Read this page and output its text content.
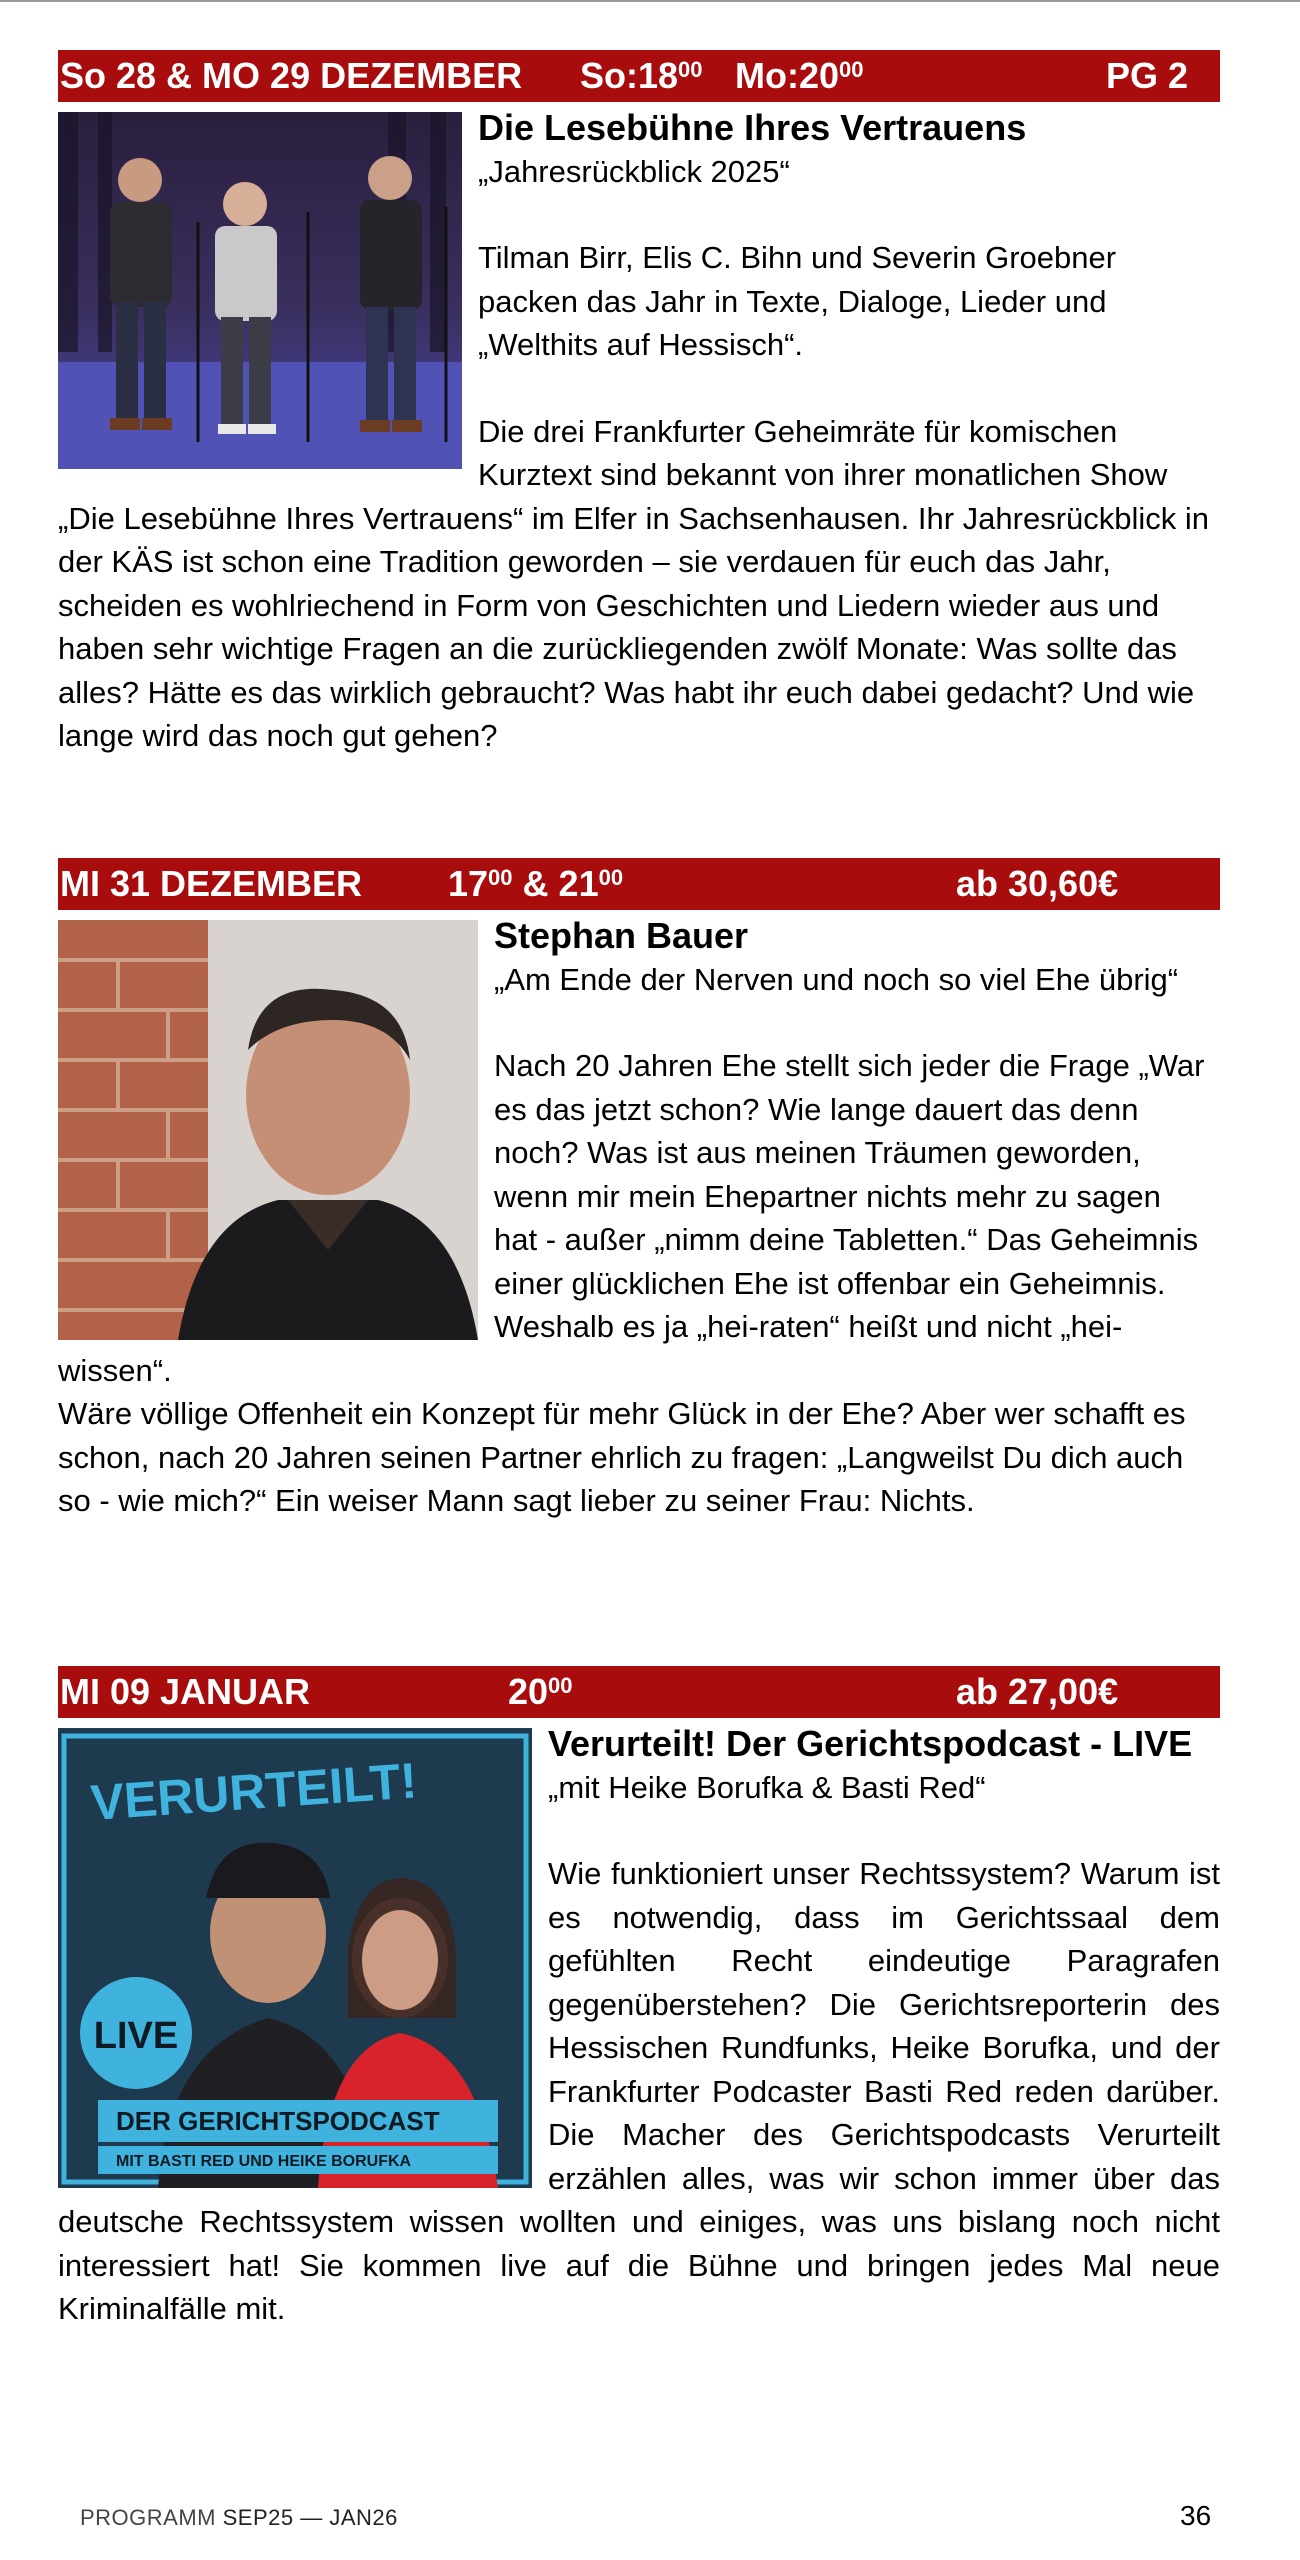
So 28 & MO 29 DEZEMBER $So:18^{00}$ $Mo:20^{00}$	PG 2
Die Lesebühne Ihres Vertrauens
„Jahresrückblick 2025“

Tilman Birr, Elis C. Bihn und Severin Groebner packen das Jahr in Texte, Dialoge, Lieder und „Welthits auf Hessisch“.

Die drei Frankfurter Geheimräte für komischen Kurztext sind bekannt von ihrer monatlichen Show „Die Lesebühne Ihres Vertrauens“ im Elfer in Sachsenhausen. Ihr Jahresrückblick in der KÄS ist schon eine Tradition geworden – sie verdauen für euch das Jahr, scheiden es wohlriechend in Form von Geschichten und Liedern wieder aus und haben sehr wichtige Fragen an die zurückliegenden zwölf Monate: Was sollte das alles? Hätte es das wirklich gebraucht? Was habt ihr euch dabei gedacht? Und wie lange wird das noch gut gehen?

MI 31 DEZEMBER $17^{00}$ & $21^{00}$	ab 30,60€
Stephan Bauer
„Am Ende der Nerven und noch so viel Ehe übrig“

Nach 20 Jahren Ehe stellt sich jeder die Frage „War es das jetzt schon? Wie lange dauert das denn noch? Was ist aus meinen Träumen geworden, wenn mir mein Ehepartner nichts mehr zu sagen hat - außer „nimm deine Tabletten.“ Das Geheimnis einer glücklichen Ehe ist offenbar ein Geheimnis. Weshalb es ja „hei-raten“ heißt und nicht „hei-wissen“.

Wäre völlige Offenheit ein Konzept für mehr Glück in der Ehe? Aber wer schafft es schon, nach 20 Jahren seinen Partner ehrlich zu fragen: „Langweilst Du dich auch so - wie mich?“ Ein weiser Mann sagt lieber zu seiner Frau: Nichts.

MI 09 JANUAR	$20^{00}$	ab 27,00€
VERURTEILT!
LIVE
DER GERICHTSPODCAST
MIT BASTI RED UND HEIKE BORUFKA
Verurteilt! Der Gerichtspodcast - LIVE
„mit Heike Borufka & Basti Red“

Wie funktioniert unser Rechtssystem? Warum ist es notwendig, dass im Gerichtssaal dem gefühlten Recht eindeutige Paragrafen gegenüberstehen? Die Gerichtsreporterin des Hessischen Rundfunks, Heike Borufka, und der Frankfurter Podcaster Basti Red reden darüber. Die Macher des Gerichtspodcasts Verurteilt erzählen alles, was wir schon immer über das deutsche Rechtssystem wissen wollten und einiges, was uns bislang noch nicht interessiert hat! Sie kommen live auf die Bühne und bringen jedes Mal neue Kriminalfälle mit.

PROGRAMM SEP25 — JAN26	36
